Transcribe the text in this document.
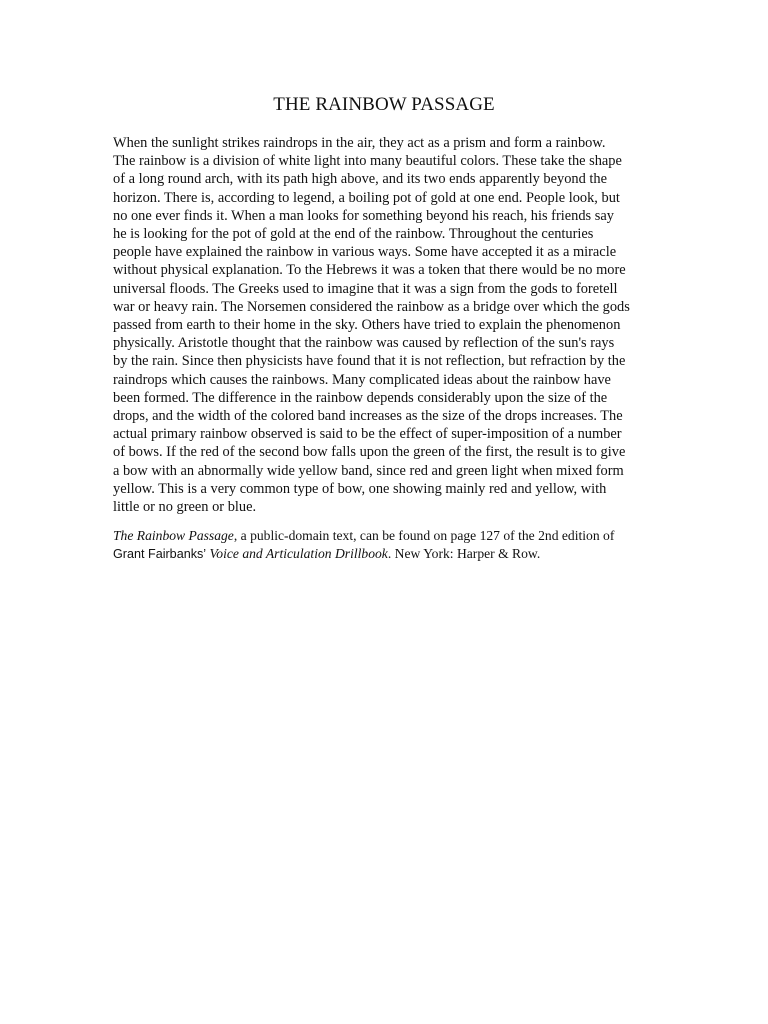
THE RAINBOW PASSAGE

When the sunlight strikes raindrops in the air, they act as a prism and form a rainbow.
The rainbow is a division of white light into many beautiful colors. These take the shape
of a long round arch, with its path high above, and its two ends apparently beyond the
horizon. There is, according to legend, a boiling pot of gold at one end. People look, but
no one ever finds it. When a man looks for something beyond his reach, his friends say
he is looking for the pot of gold at the end of the rainbow. Throughout the centuries
people have explained the rainbow in various ways. Some have accepted it as a miracle
without physical explanation. To the Hebrews it was a token that there would be no more
universal floods. The Greeks used to imagine that it was a sign from the gods to foretell
war or heavy rain. The Norsemen considered the rainbow as a bridge over which the gods
passed from earth to their home in the sky. Others have tried to explain the phenomenon
physically. Aristotle thought that the rainbow was caused by reflection of the sun's rays
by the rain. Since then physicists have found that it is not reflection, but refraction by the
raindrops which causes the rainbows. Many complicated ideas about the rainbow have
been formed. The difference in the rainbow depends considerably upon the size of the
drops, and the width of the colored band increases as the size of the drops increases. The
actual primary rainbow observed is said to be the effect of super-imposition of a number
of bows. If the red of the second bow falls upon the green of the first, the result is to give
a bow with an abnormally wide yellow band, since red and green light when mixed form
yellow. This is a very common type of bow, one showing mainly red and yellow, with
little or no green or blue.

The Rainbow Passage, a public-domain text, can be found on page 127 of the 2nd edition of
Grant Fairbanks’ Voice and Articulation Drillbook. New York: Harper & Row.
